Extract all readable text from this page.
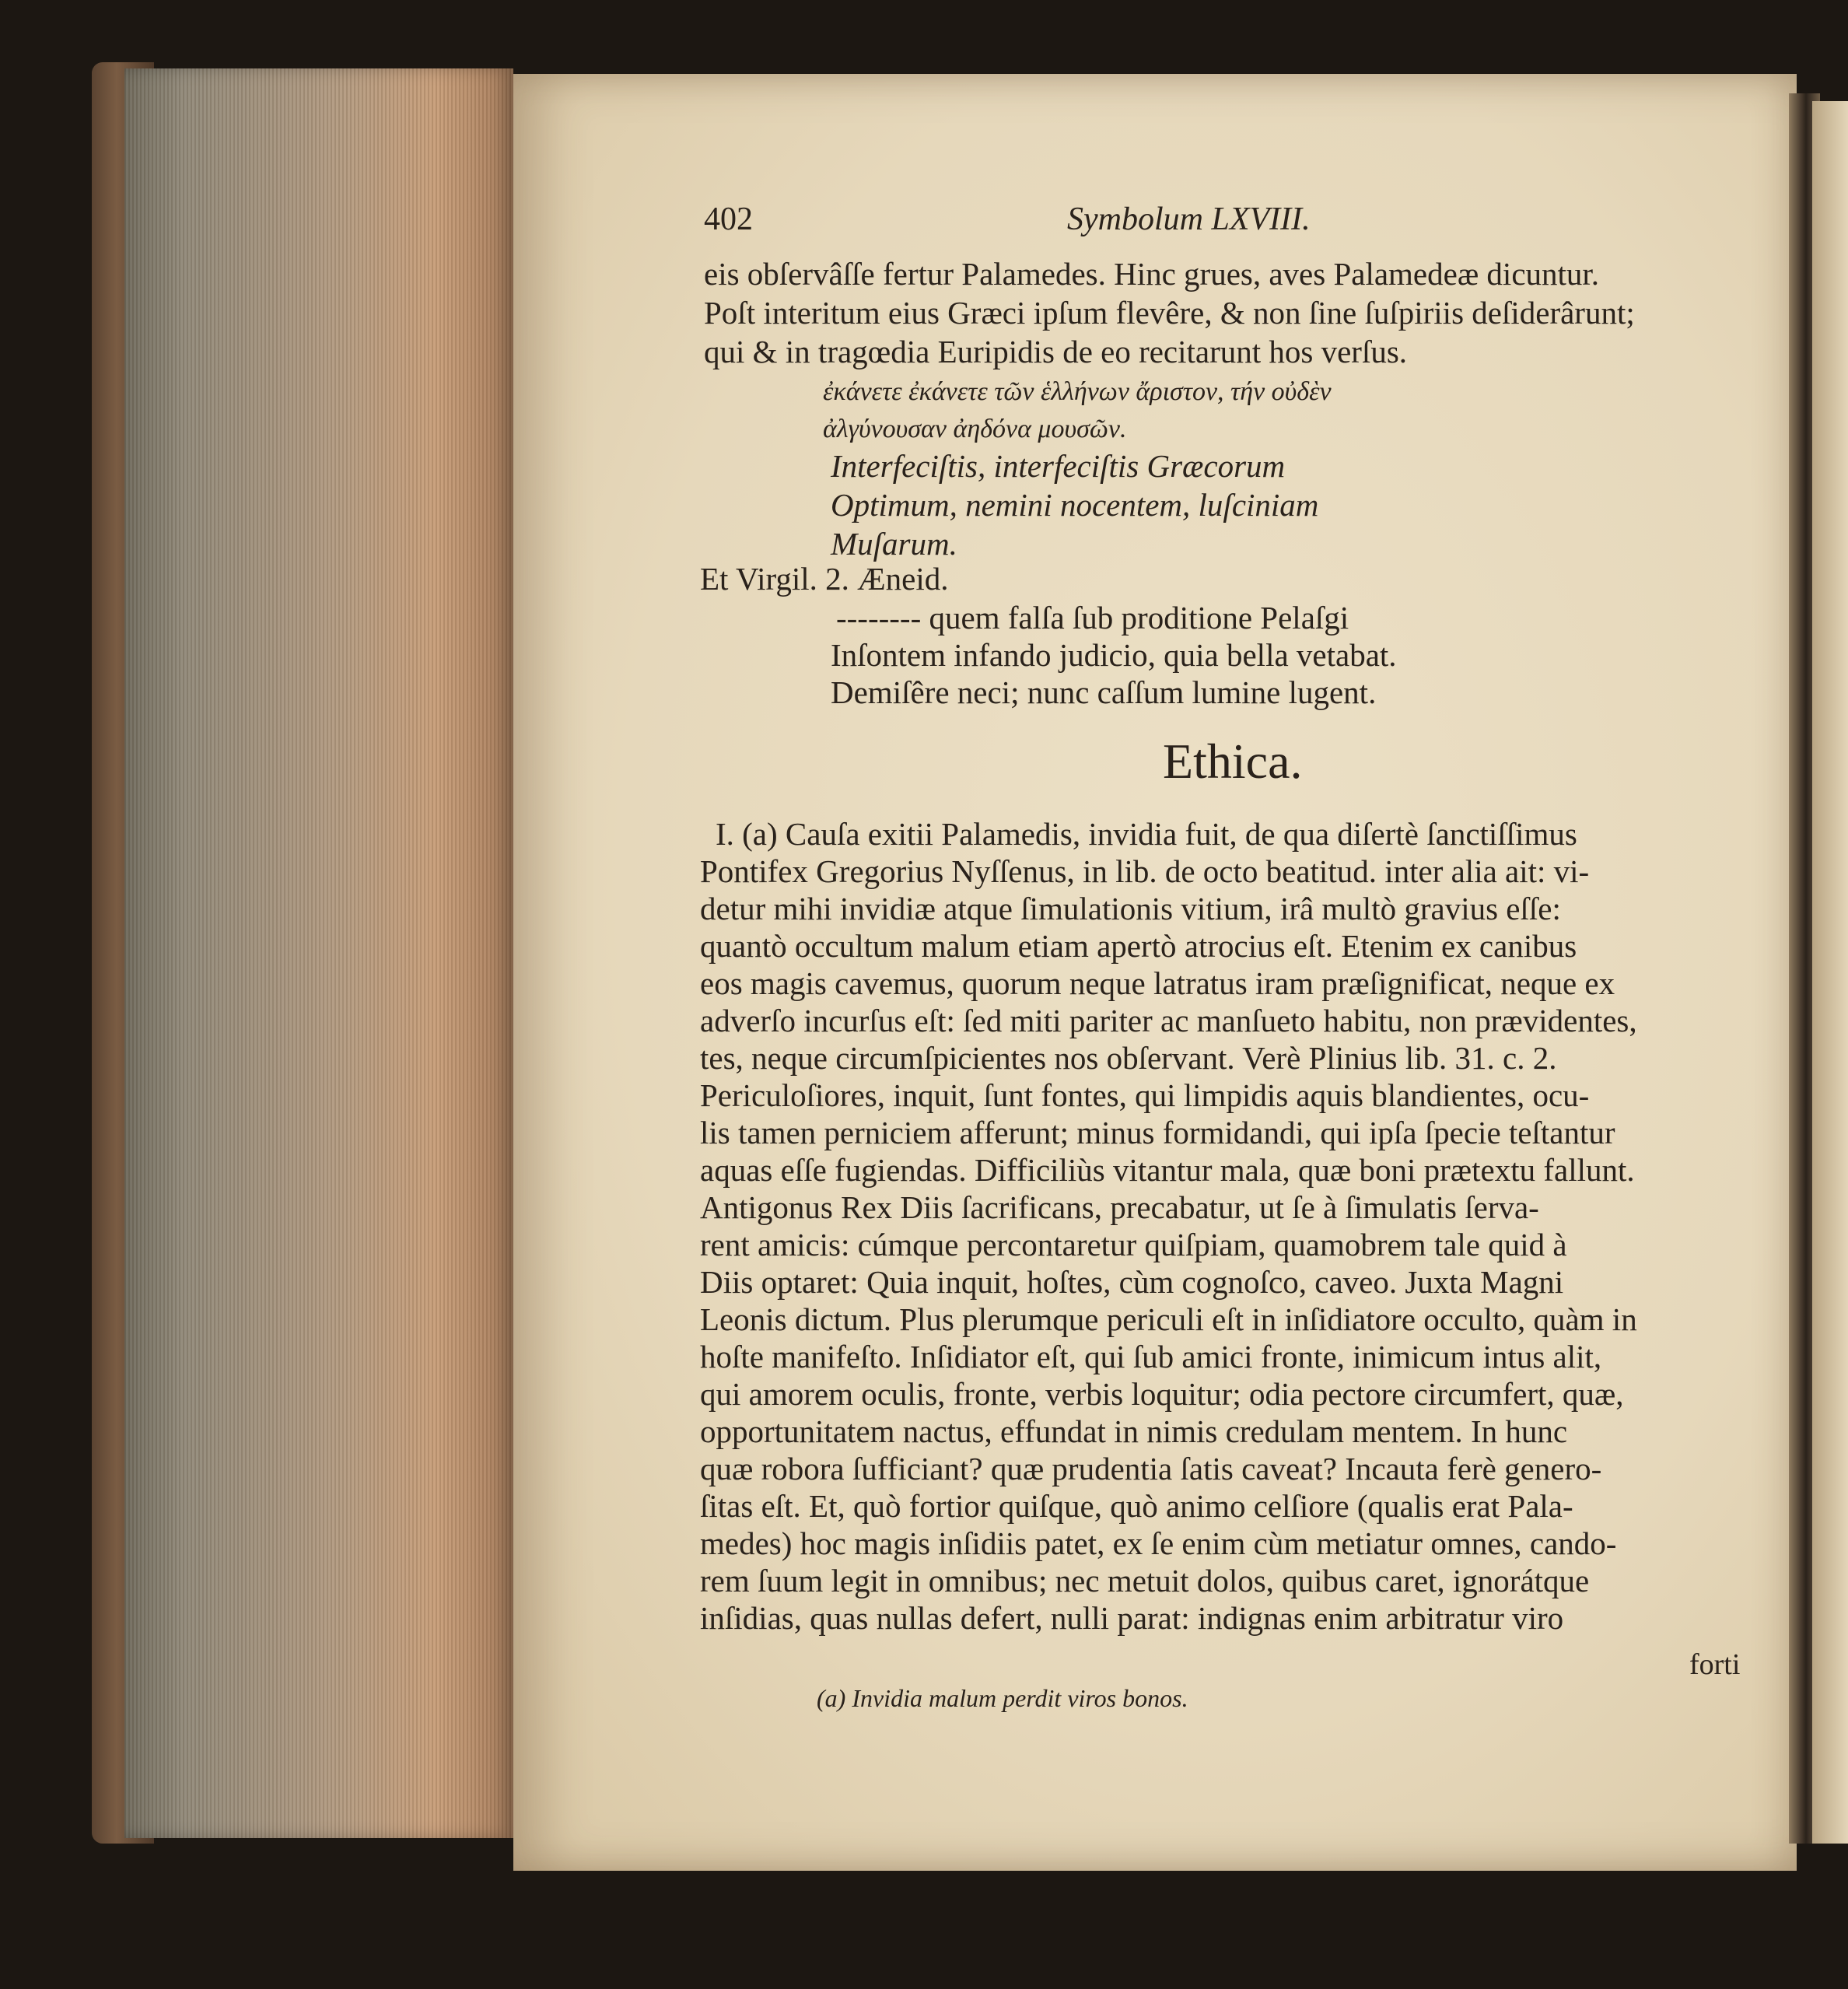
402	Symbolum LXVIII.
eis obſervâſſe fertur Palamedes. Hinc grues, aves Palamedeæ dicuntur.
Poſt interitum eius Græci ipſum flevêre, & non ſine ſuſpiriis deſiderârunt;
qui & in tragœdia Euripidis de eo recitarunt hos verſus.
ἐκάνετε ἐκάνετε τῶν ἑλλήνων ἄριστον, τήν οὐδὲν
ἀλγύνουσαν ἀηδόνα μουσῶν.
Interfeciſtis, interfeciſtis Græcorum
Optimum, nemini nocentem, luſciniam
Muſarum.
Et Virgil. 2. Æneid.
-------- quem falſa ſub proditione Pelaſgi
Inſontem infando judicio, quia bella vetabat.
Demiſêre neci; nunc caſſum lumine lugent.
Ethica.
I. (a) Cauſa exitii Palamedis, invidia fuit, de qua diſertè ſanctiſſimus
Pontifex Gregorius Nyſſenus, in lib. de octo beatitud. inter alia ait: vi-
detur mihi invidiæ atque ſimulationis vitium, irâ multò gravius eſſe:
quantò occultum malum etiam apertò atrocius eſt. Etenim ex canibus
eos magis cavemus, quorum neque latratus iram præſignificat, neque ex
adverſo incurſus eſt: ſed miti pariter ac manſueto habitu, non prævidentes,
tes, neque circumſpicientes nos obſervant. Verè Plinius lib. 31. c. 2.
Periculoſiores, inquit, ſunt fontes, qui limpidis aquis blandientes, ocu-
lis tamen perniciem afferunt; minus formidandi, qui ipſa ſpecie teſtantur
aquas eſſe fugiendas. Difficiliùs vitantur mala, quæ boni prætextu fallunt.
Antigonus Rex Diis ſacrificans, precabatur, ut ſe à ſimulatis ſerva-
rent amicis: cúmque percontaretur quiſpiam, quamobrem tale quid à
Diis optaret: Quia inquit, hoſtes, cùm cognoſco, caveo. Juxta Magni
Leonis dictum. Plus plerumque periculi eſt in inſidiatore occulto, quàm in
hoſte manifeſto. Inſidiator eſt, qui ſub amici fronte, inimicum intus alit,
qui amorem oculis, fronte, verbis loquitur; odia pectore circumfert, quæ,
opportunitatem nactus, effundat in nimis credulam mentem. In hunc
quæ robora ſufficiant? quæ prudentia ſatis caveat? Incauta ferè genero-
ſitas eſt. Et, quò fortior quiſque, quò animo celſiore (qualis erat Pala-
medes) hoc magis inſidiis patet, ex ſe enim cùm metiatur omnes, cando-
rem ſuum legit in omnibus; nec metuit dolos, quibus caret, ignorátque
inſidias, quas nullas defert, nulli parat: indignas enim arbitratur viro
forti
(a) Invidia malum perdit viros bonos.
